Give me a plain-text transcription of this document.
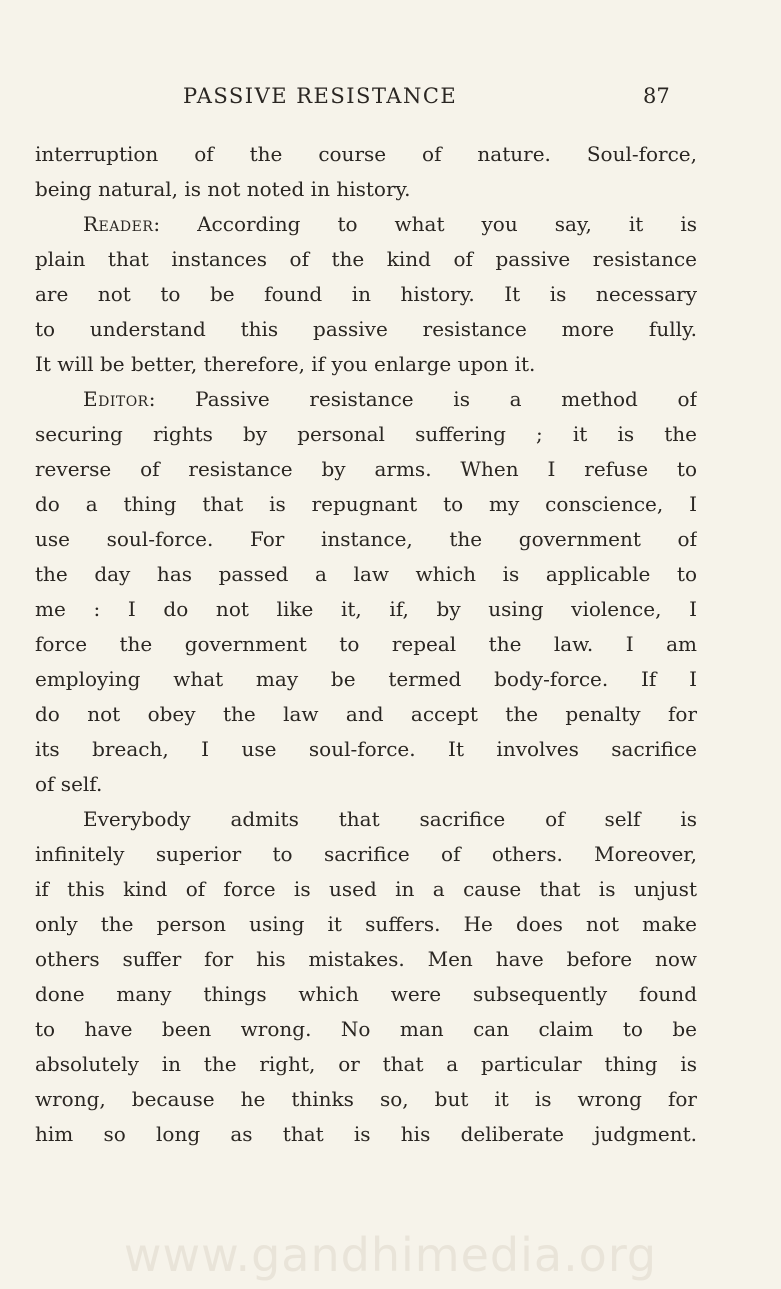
PASSIVE RESISTANCE	87
interruption of the course of nature. Soul-force,
being natural, is not noted in history.
Reader: According to what you say, it is
plain that instances of the kind of passive resistance
are not to be found in history. It is necessary
to understand this passive resistance more fully.
It will be better, therefore, if you enlarge upon it.
Editor: Passive resistance is a method of
securing rights by personal suffering ; it is the
reverse of resistance by arms. When I refuse to
do a thing that is repugnant to my conscience, I
use soul-force. For instance, the government of
the day has passed a law which is applicable to
me : I do not like it, if, by using violence, I
force the government to repeal the law. I am
employing what may be termed body-force. If I
do not obey the law and accept the penalty for
its breach, I use soul-force. It involves sacrifice
of self.
Everybody admits that sacrifice of self is
infinitely superior to sacrifice of others. Moreover,
if this kind of force is used in a cause that is unjust
only the person using it suffers. He does not make
others suffer for his mistakes. Men have before now
done many things which were subsequently found
to have been wrong. No man can claim to be
absolutely in the right, or that a particular thing is
wrong, because he thinks so, but it is wrong for
him so long as that is his deliberate judgment.
www.gandhimedia.org
